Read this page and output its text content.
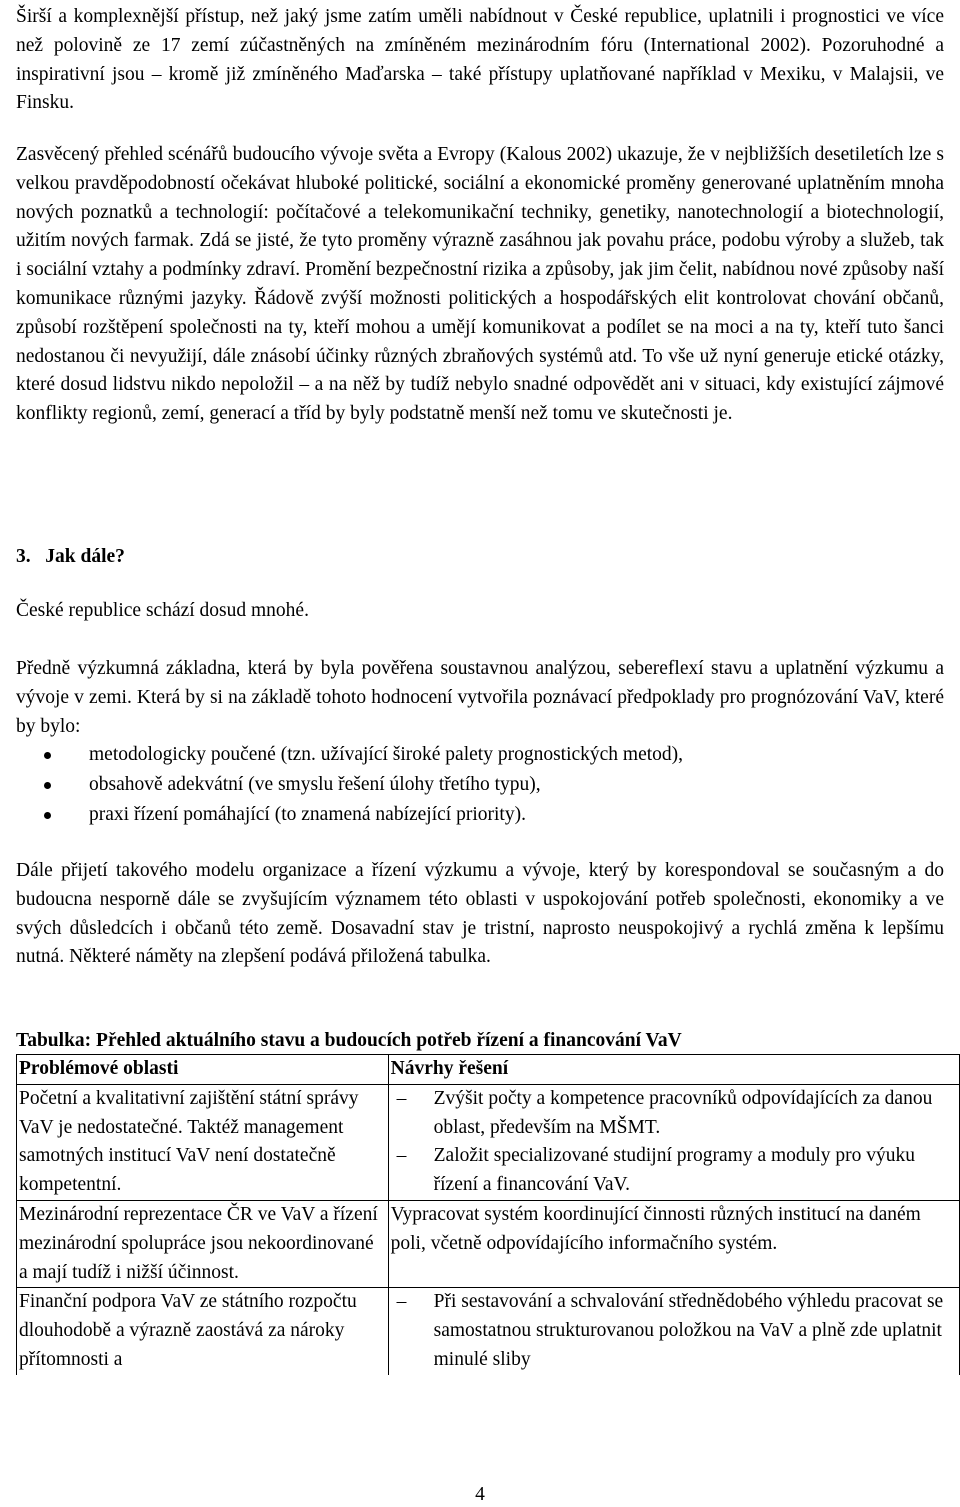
Širší a komplexnější přístup, než jaký jsme zatím uměli nabídnout v České republice, uplatnili i prognostici ve více než polovině ze 17 zemí zúčastněných na zmíněném mezinárodním fóru (International 2002). Pozoruhodné a inspirativní jsou – kromě již zmíněného Maďarska – také přístupy uplatňované například v Mexiku, v Malajsii, ve Finsku.

Zasvěcený přehled scénářů budoucího vývoje světa a Evropy (Kalous 2002) ukazuje, že v nejbližších desetiletích lze s velkou pravděpodobností očekávat hluboké politické, sociální a ekonomické proměny generované uplatněním mnoha nových poznatků a technologií: počítačové a telekomunikační techniky, genetiky, nanotechnologií a biotechnologií, užitím nových farmak. Zdá se jisté, že tyto proměny výrazně zasáhnou jak povahu práce, podobu výroby a služeb, tak i sociální vztahy a podmínky zdraví. Promění bezpečnostní rizika a způsoby, jak jim čelit, nabídnou nové způsoby naší komunikace různými jazyky. Řádově zvýší možnosti politických a hospodářských elit kontrolovat chování občanů, způsobí rozštěpení společnosti na ty, kteří mohou a umějí komunikovat a podílet se na moci a na ty, kteří tuto šanci nedostanou či nevyužijí, dále znásobí účinky různých zbraňových systémů atd. To vše už nyní generuje etické otázky, které dosud lidstvu nikdo nepoložil – a na něž by tudíž nebylo snadné odpovědět ani v situaci, kdy existující zájmové konflikty regionů, zemí, generací a tříd by byly podstatně menší než tomu ve skutečnosti je.

3.   Jak dále?

České republice schází dosud mnohé.

Předně výzkumná základna, která by byla pověřena soustavnou analýzou, sebereflexí stavu a uplatnění výzkumu a vývoje v zemi. Která by si na základě tohoto hodnocení vytvořila poznávací předpoklady pro prognózování VaV, které by bylo:

metodologicky poučené (tzn. užívající široké palety prognostických metod),
obsahově adekvátní (ve smyslu řešení úlohy třetího typu),
praxi řízení pomáhající (to znamená nabízející priority).

Dále přijetí takového modelu organizace a řízení výzkumu a vývoje, který by korespondoval se současným a do budoucna nesporně dále se zvyšujícím významem této oblasti v uspokojování potřeb společnosti, ekonomiky a ve svých důsledcích i občanů této země. Dosavadní stav je tristní, naprosto neuspokojivý a rychlá změna k lepšímu nutná. Některé náměty na zlepšení podává přiložená tabulka.

Tabulka: Přehled aktuálního stavu a budoucích potřeb řízení a financování VaV

Problémové oblasti	Návrhy řešení
Početní a kvalitativní zajištění státní správy VaV je nedostatečné. Taktéž management samotných institucí VaV není dostatečně kompetentní.	– Zvýšit počty a kompetence pracovníků odpovídajících za danou oblast, především na MŠMT.
– Založit specializované studijní programy a moduly pro výuku řízení a financování VaV.

Mezinárodní reprezentace ČR ve VaV a řízení mezinárodní spolupráce jsou nekoordinované a mají tudíž i nižší účinnost.	Vypracovat systém koordinující činnosti různých institucí na daném poli, včetně odpovídajícího informačního systém.
Finanční podpora VaV ze státního rozpočtu dlouhodobě a výrazně zaostává za nároky přítomnosti a	– Při sestavování a schvalování střednědobého výhledu pracovat se samostatnou strukturovanou položkou na VaV a plně zde uplatnit minulé sliby
4
